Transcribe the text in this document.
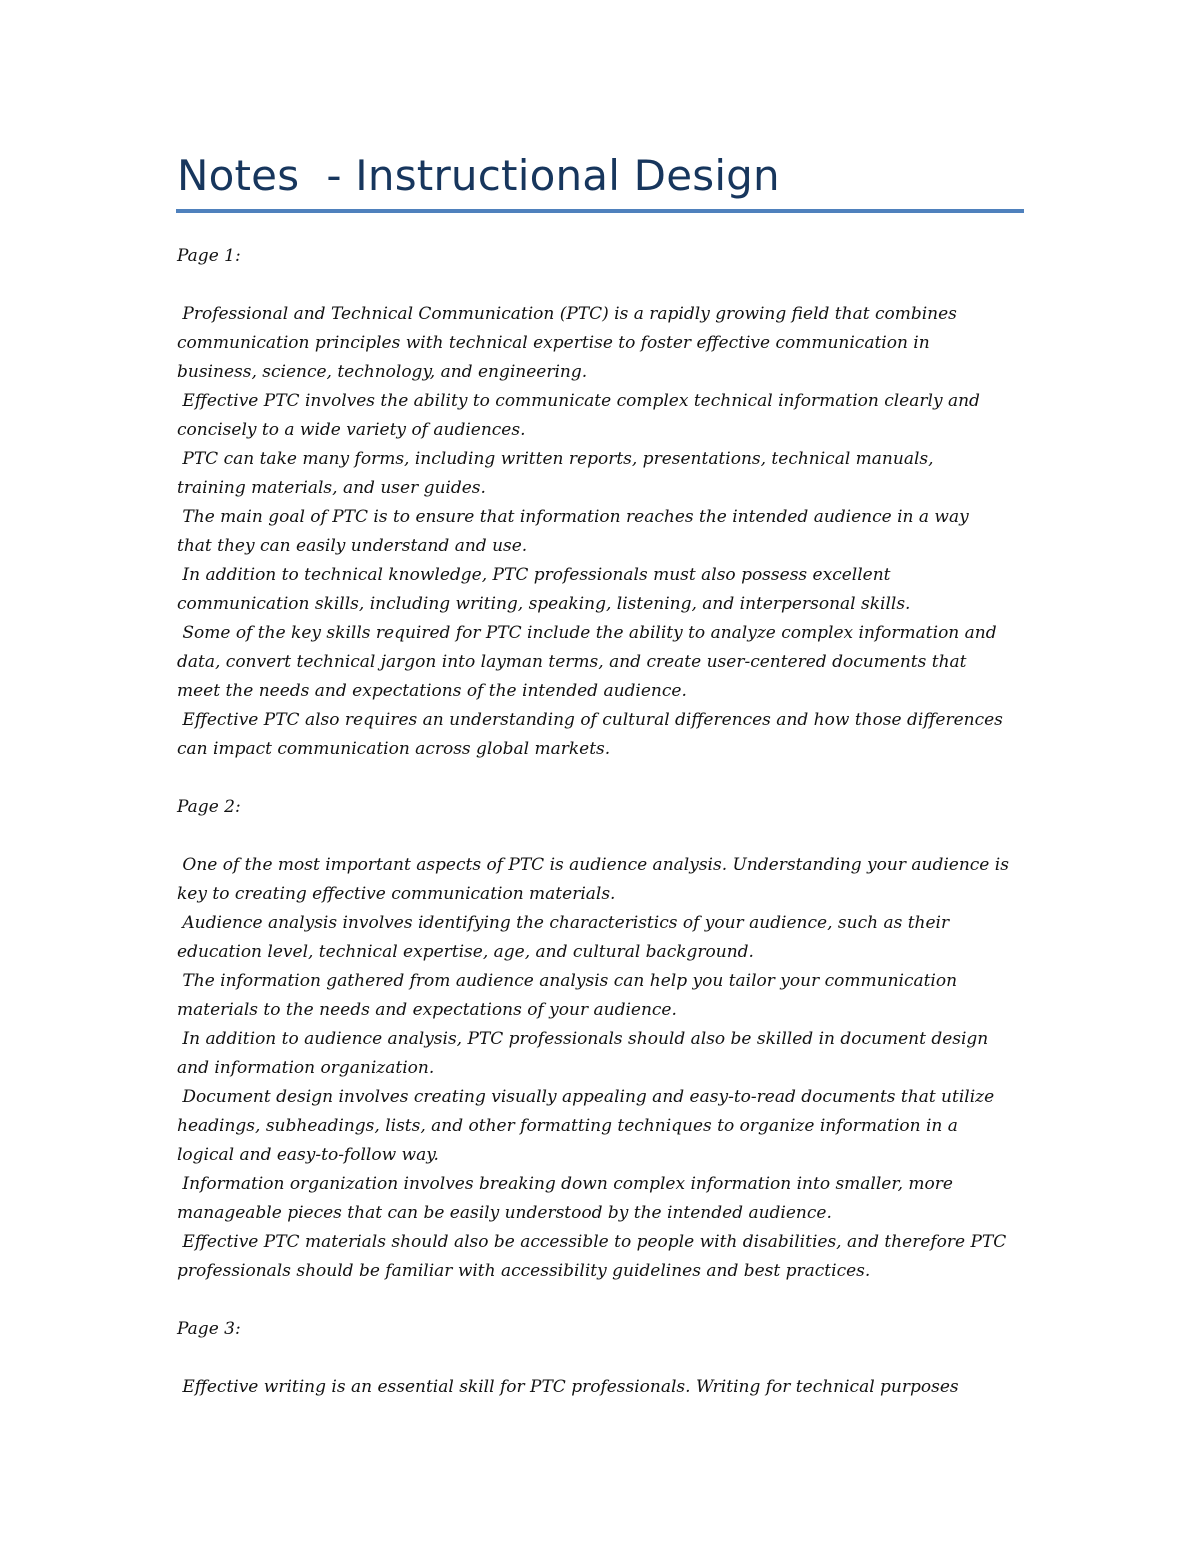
Notes  - Instructional Design
Page 1:
Professional and Technical Communication (PTC) is a rapidly growing field that combines
communication principles with technical expertise to foster effective communication in
business, science, technology, and engineering.
Effective PTC involves the ability to communicate complex technical information clearly and
concisely to a wide variety of audiences.
PTC can take many forms, including written reports, presentations, technical manuals,
training materials, and user guides.
The main goal of PTC is to ensure that information reaches the intended audience in a way
that they can easily understand and use.
In addition to technical knowledge, PTC professionals must also possess excellent
communication skills, including writing, speaking, listening, and interpersonal skills.
Some of the key skills required for PTC include the ability to analyze complex information and
data, convert technical jargon into layman terms, and create user-centered documents that
meet the needs and expectations of the intended audience.
Effective PTC also requires an understanding of cultural differences and how those differences
can impact communication across global markets.
Page 2:
One of the most important aspects of PTC is audience analysis. Understanding your audience is
key to creating effective communication materials.
Audience analysis involves identifying the characteristics of your audience, such as their
education level, technical expertise, age, and cultural background.
The information gathered from audience analysis can help you tailor your communication
materials to the needs and expectations of your audience.
In addition to audience analysis, PTC professionals should also be skilled in document design
and information organization.
Document design involves creating visually appealing and easy-to-read documents that utilize
headings, subheadings, lists, and other formatting techniques to organize information in a
logical and easy-to-follow way.
Information organization involves breaking down complex information into smaller, more
manageable pieces that can be easily understood by the intended audience.
Effective PTC materials should also be accessible to people with disabilities, and therefore PTC
professionals should be familiar with accessibility guidelines and best practices.
Page 3:
Effective writing is an essential skill for PTC professionals. Writing for technical purposes
